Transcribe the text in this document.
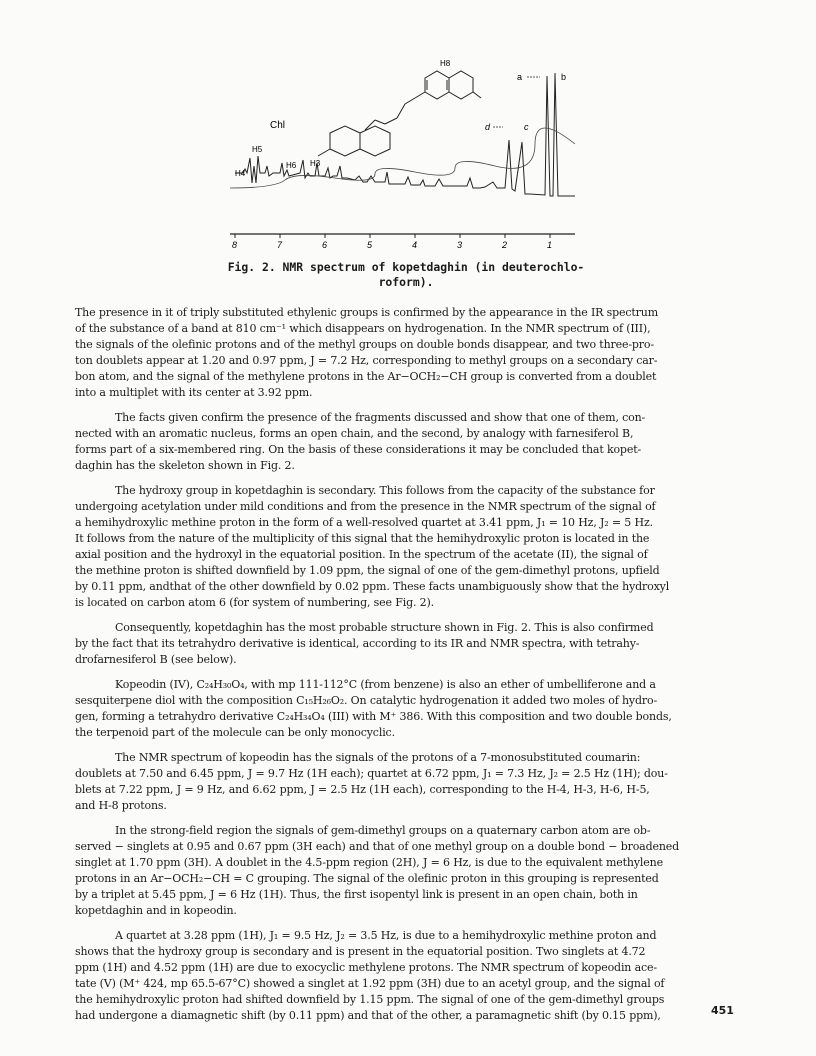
8	7	6	5	4	3	2	1
Chl
a	b
d	c
H4
H5
H6 H3
H8
Fig. 2. NMR spectrum of kopetdaghin (in deuterochlo-
roform).
The presence in it of triply substituted ethylenic groups is confirmed by the appearance in the IR spectrum
of the substance of a band at 810 cm⁻¹ which disappears on hydrogenation. In the NMR spectrum of (III),
the signals of the olefinic protons and of the methyl groups on double bonds disappear, and two three-pro-
ton doublets appear at 1.20 and 0.97 ppm, J = 7.2 Hz, corresponding to methyl groups on a secondary car-
bon atom, and the signal of the methylene protons in the Ar−OCH₂−CH group is converted from a doublet
into a multiplet with its center at 3.92 ppm.
The facts given confirm the presence of the fragments discussed and show that one of them, con-
nected with an aromatic nucleus, forms an open chain, and the second, by analogy with farnesiferol B,
forms part of a six-membered ring. On the basis of these considerations it may be concluded that kopet-
daghin has the skeleton shown in Fig. 2.
The hydroxy group in kopetdaghin is secondary. This follows from the capacity of the substance for
undergoing acetylation under mild conditions and from the presence in the NMR spectrum of the signal of
a hemihydroxylic methine proton in the form of a well-resolved quartet at 3.41 ppm, J₁ = 10 Hz, J₂ = 5 Hz.
It follows from the nature of the multiplicity of this signal that the hemihydroxylic proton is located in the
axial position and the hydroxyl in the equatorial position. In the spectrum of the acetate (II), the signal of
the methine proton is shifted downfield by 1.09 ppm, the signal of one of the gem-dimethyl protons, upfield
by 0.11 ppm, andthat of the other downfield by 0.02 ppm. These facts unambiguously show that the hydroxyl
is located on carbon atom 6 (for system of numbering, see Fig. 2).
Consequently, kopetdaghin has the most probable structure shown in Fig. 2. This is also confirmed
by the fact that its tetrahydro derivative is identical, according to its IR and NMR spectra, with tetrahy-
drofarnesiferol B (see below).
Kopeodin (IV), C₂₄H₃₀O₄, with mp 111-112°C (from benzene) is also an ether of umbelliferone and a
sesquiterpene diol with the composition C₁₅H₂₆O₂. On catalytic hydrogenation it added two moles of hydro-
gen, forming a tetrahydro derivative C₂₄H₃₄O₄ (III) with M⁺ 386. With this composition and two double bonds,
the terpenoid part of the molecule can be only monocyclic.
The NMR spectrum of kopeodin has the signals of the protons of a 7-monosubstituted coumarin:
doublets at 7.50 and 6.45 ppm, J = 9.7 Hz (1H each); quartet at 6.72 ppm, J₁ = 7.3 Hz, J₂ = 2.5 Hz (1H); dou-
blets at 7.22 ppm, J = 9 Hz, and 6.62 ppm, J = 2.5 Hz (1H each), corresponding to the H-4, H-3, H-6, H-5,
and H-8 protons.
In the strong-field region the signals of gem-dimethyl groups on a quaternary carbon atom are ob-
served − singlets at 0.95 and 0.67 ppm (3H each) and that of one methyl group on a double bond − broadened
singlet at 1.70 ppm (3H). A doublet in the 4.5-ppm region (2H), J = 6 Hz, is due to the equivalent methylene
protons in an Ar−OCH₂−CH = C grouping. The signal of the olefinic proton in this grouping is represented
by a triplet at 5.45 ppm, J = 6 Hz (1H). Thus, the first isopentyl link is present in an open chain, both in
kopetdaghin and in kopeodin.
A quartet at 3.28 ppm (1H), J₁ = 9.5 Hz, J₂ = 3.5 Hz, is due to a hemihydroxylic methine proton and
shows that the hydroxy group is secondary and is present in the equatorial position. Two singlets at 4.72
ppm (1H) and 4.52 ppm (1H) are due to exocyclic methylene protons. The NMR spectrum of kopeodin ace-
tate (V) (M⁺ 424, mp 65.5-67°C) showed a singlet at 1.92 ppm (3H) due to an acetyl group, and the signal of
the hemihydroxylic proton had shifted downfield by 1.15 ppm. The signal of one of the gem-dimethyl groups
had undergone a diamagnetic shift (by 0.11 ppm) and that of the other, a paramagnetic shift (by 0.15 ppm),	451
